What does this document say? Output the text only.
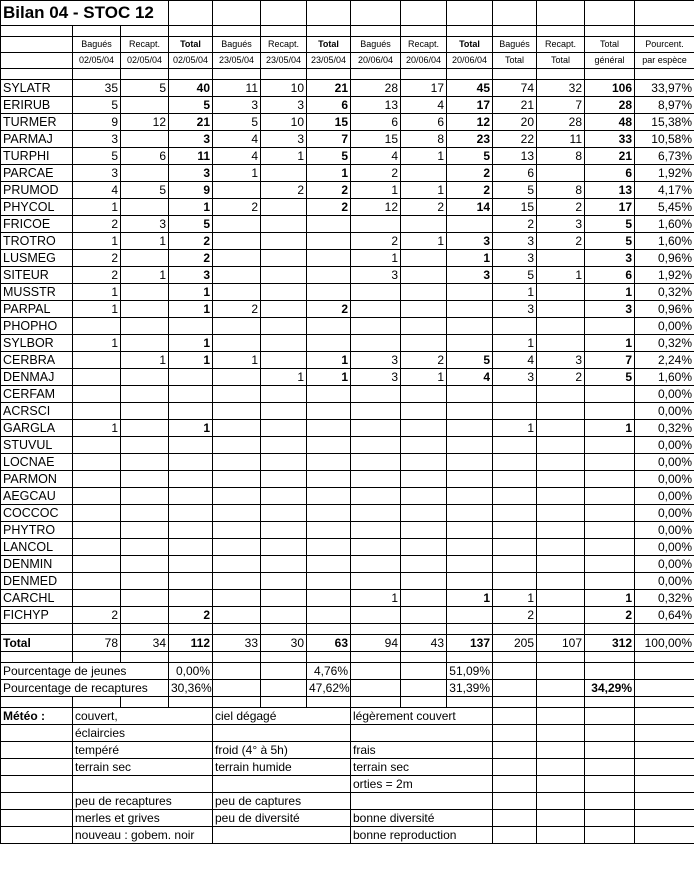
Bilan 04 - STOC 12													

	Bagués	Recapt.	Total	Bagués	Recapt.	Total	Bagués	Recapt.	Total	Bagués	Recapt.	Total	Pourcent.
	02/05/04	02/05/04	02/05/04	23/05/04	23/05/04	23/05/04	20/06/04	20/06/04	20/06/04	Total	Total	général	par espèce

SYLATR	35	5	40	11	10	21	28	17	45	74	32	106	33,97%
ERIRUB	5		5	3	3	6	13	4	17	21	7	28	8,97%
TURMER	9	12	21	5	10	15	6	6	12	20	28	48	15,38%
PARMAJ	3		3	4	3	7	15	8	23	22	11	33	10,58%
TURPHI	5	6	11	4	1	5	4	1	5	13	8	21	6,73%
PARCAE	3		3	1		1	2		2	6		6	1,92%
PRUMOD	4	5	9		2	2	1	1	2	5	8	13	4,17%
PHYCOL	1		1	2		2	12	2	14	15	2	17	5,45%
FRICOE	2	3	5							2	3	5	1,60%
TROTRO	1	1	2				2	1	3	3	2	5	1,60%
LUSMEG	2		2				1		1	3		3	0,96%
SITEUR	2	1	3				3		3	5	1	6	1,92%
MUSSTR	1		1							1		1	0,32%
PARPAL	1		1	2		2				3		3	0,96%
PHOPHO													0,00%
SYLBOR	1		1							1		1	0,32%
CERBRA		1	1	1		1	3	2	5	4	3	7	2,24%
DENMAJ					1	1	3	1	4	3	2	5	1,60%
CERFAM													0,00%
ACRSCI													0,00%
GARGLA	1		1							1		1	0,32%
STUVUL													0,00%
LOCNAE													0,00%
PARMON													0,00%
AEGCAU													0,00%
COCCOC													0,00%
PHYTRO													0,00%
LANCOL													0,00%
DENMIN													0,00%
DENMED													0,00%
CARCHL							1		1	1		1	0,32%
FICHYP	2		2							2		2	0,64%

Total	78	34	112	33	30	63	94	43	137	205	107	312	100,00%

Pourcentage de jeunes			0,00%			4,76%			51,09%				
Pourcentage de recaptures			30,36%			47,62%			31,39%			34,29%	

Météo :	couvert,			ciel dégagé			légèrement couvert						
	éclaircies												
	tempéré			froid (4° à 5h)			frais						
	terrain sec			terrain humide			terrain sec						
							orties = 2m						
	peu de recaptures			peu de captures									
	merles et grives			peu de diversité			bonne diversité						
	nouveau : gobem. noir						bonne reproduction						
